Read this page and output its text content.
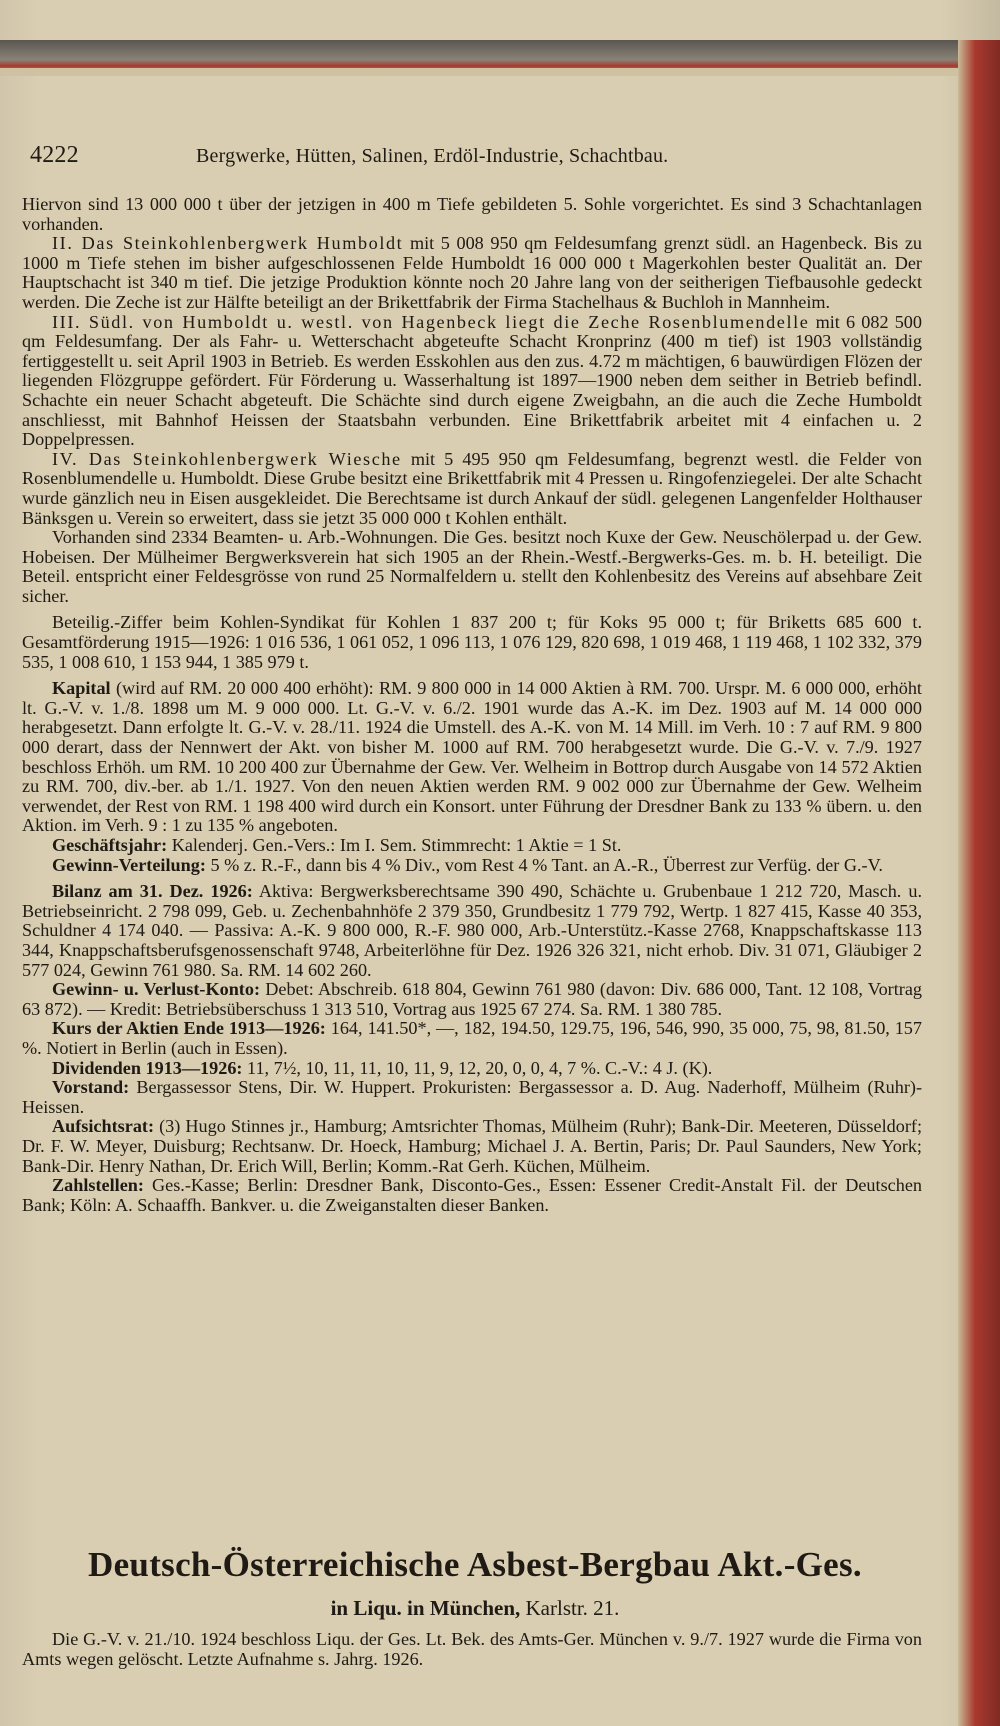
4222	Bergwerke, Hütten, Salinen, Erdöl-Industrie, Schachtbau.

Hiervon sind 13 000 000 t über der jetzigen in 400 m Tiefe gebildeten 5. Sohle vorgerichtet. Es sind 3 Schachtanlagen vorhanden.

II. Das Steinkohlenbergwerk Humboldt mit 5 008 950 qm Feldesumfang grenzt südl. an Hagenbeck. Bis zu 1000 m Tiefe stehen im bisher aufgeschlossenen Felde Humboldt 16 000 000 t Magerkohlen bester Qualität an. Der Hauptschacht ist 340 m tief. Die jetzige Produktion könnte noch 20 Jahre lang von der seitherigen Tiefbausohle gedeckt werden. Die Zeche ist zur Hälfte beteiligt an der Brikettfabrik der Firma Stachelhaus & Buchloh in Mannheim.

III. Südl. von Humboldt u. westl. von Hagenbeck liegt die Zeche Rosenblumendelle mit 6 082 500 qm Feldesumfang. Der als Fahr- u. Wetterschacht abgeteufte Schacht Kronprinz (400 m tief) ist 1903 vollständig fertiggestellt u. seit April 1903 in Betrieb. Es werden Esskohlen aus den zus. 4.72 m mächtigen, 6 bauwürdigen Flözen der liegenden Flözgruppe gefördert. Für Förderung u. Wasserhaltung ist 1897—1900 neben dem seither in Betrieb befindl. Schachte ein neuer Schacht abgeteuft. Die Schächte sind durch eigene Zweigbahn, an die auch die Zeche Humboldt anschliesst, mit Bahnhof Heissen der Staatsbahn verbunden. Eine Brikettfabrik arbeitet mit 4 einfachen u. 2 Doppelpressen.

IV. Das Steinkohlenbergwerk Wiesche mit 5 495 950 qm Feldesumfang, begrenzt westl. die Felder von Rosenblumendelle u. Humboldt. Diese Grube besitzt eine Brikettfabrik mit 4 Pressen u. Ringofenziegelei. Der alte Schacht wurde gänzlich neu in Eisen ausgekleidet. Die Berechtsame ist durch Ankauf der südl. gelegenen Langenfelder Holthauser Bänksgen u. Verein so erweitert, dass sie jetzt 35 000 000 t Kohlen enthält.

Vorhanden sind 2334 Beamten- u. Arb.-Wohnungen. Die Ges. besitzt noch Kuxe der Gew. Neuschölerpad u. der Gew. Hobeisen. Der Mülheimer Bergwerksverein hat sich 1905 an der Rhein.-Westf.-Bergwerks-Ges. m. b. H. beteiligt. Die Beteil. entspricht einer Feldesgrösse von rund 25 Normalfeldern u. stellt den Kohlenbesitz des Vereins auf absehbare Zeit sicher.

Beteilig.-Ziffer beim Kohlen-Syndikat für Kohlen 1 837 200 t; für Koks 95 000 t; für Briketts 685 600 t. Gesamtförderung 1915—1926: 1 016 536, 1 061 052, 1 096 113, 1 076 129, 820 698, 1 019 468, 1 119 468, 1 102 332, 379 535, 1 008 610, 1 153 944, 1 385 979 t.

Kapital (wird auf RM. 20 000 400 erhöht): RM. 9 800 000 in 14 000 Aktien à RM. 700. Urspr. M. 6 000 000, erhöht lt. G.-V. v. 1./8. 1898 um M. 9 000 000. Lt. G.-V. v. 6./2. 1901 wurde das A.-K. im Dez. 1903 auf M. 14 000 000 herabgesetzt. Dann erfolgte lt. G.-V. v. 28./11. 1924 die Umstell. des A.-K. von M. 14 Mill. im Verh. 10 : 7 auf RM. 9 800 000 derart, dass der Nennwert der Akt. von bisher M. 1000 auf RM. 700 herabgesetzt wurde. Die G.-V. v. 7./9. 1927 beschloss Erhöh. um RM. 10 200 400 zur Übernahme der Gew. Ver. Welheim in Bottrop durch Ausgabe von 14 572 Aktien zu RM. 700, div.-ber. ab 1./1. 1927. Von den neuen Aktien werden RM. 9 002 000 zur Übernahme der Gew. Welheim verwendet, der Rest von RM. 1 198 400 wird durch ein Konsort. unter Führung der Dresdner Bank zu 133 % übern. u. den Aktion. im Verh. 9 : 1 zu 135 % angeboten.

Geschäftsjahr: Kalenderj. Gen.-Vers.: Im I. Sem. Stimmrecht: 1 Aktie = 1 St.

Gewinn-Verteilung: 5 % z. R.-F., dann bis 4 % Div., vom Rest 4 % Tant. an A.-R., Überrest zur Verfüg. der G.-V.

Bilanz am 31. Dez. 1926: Aktiva: Bergwerksberechtsame 390 490, Schächte u. Grubenbaue 1 212 720, Masch. u. Betriebseinricht. 2 798 099, Geb. u. Zechenbahnhöfe 2 379 350, Grundbesitz 1 779 792, Wertp. 1 827 415, Kasse 40 353, Schuldner 4 174 040. — Passiva: A.-K. 9 800 000, R.-F. 980 000, Arb.-Unterstütz.-Kasse 2768, Knappschaftskasse 113 344, Knappschaftsberufsgenossenschaft 9748, Arbeiterlöhne für Dez. 1926 326 321, nicht erhob. Div. 31 071, Gläubiger 2 577 024, Gewinn 761 980. Sa. RM. 14 602 260.

Gewinn- u. Verlust-Konto: Debet: Abschreib. 618 804, Gewinn 761 980 (davon: Div. 686 000, Tant. 12 108, Vortrag 63 872). — Kredit: Betriebsüberschuss 1 313 510, Vortrag aus 1925 67 274. Sa. RM. 1 380 785.

Kurs der Aktien Ende 1913—1926: 164, 141.50*, —, 182, 194.50, 129.75, 196, 546, 990, 35 000, 75, 98, 81.50, 157 %. Notiert in Berlin (auch in Essen).

Dividenden 1913—1926: 11, 7½, 10, 11, 11, 10, 11, 9, 12, 20, 0, 0, 4, 7 %. C.-V.: 4 J. (K).

Vorstand: Bergassessor Stens, Dir. W. Huppert. Prokuristen: Bergassessor a. D. Aug. Naderhoff, Mülheim (Ruhr)-Heissen.

Aufsichtsrat: (3) Hugo Stinnes jr., Hamburg; Amtsrichter Thomas, Mülheim (Ruhr); Bank-Dir. Meeteren, Düsseldorf; Dr. F. W. Meyer, Duisburg; Rechtsanw. Dr. Hoeck, Hamburg; Michael J. A. Bertin, Paris; Dr. Paul Saunders, New York; Bank-Dir. Henry Nathan, Dr. Erich Will, Berlin; Komm.-Rat Gerh. Küchen, Mülheim.

Zahlstellen: Ges.-Kasse; Berlin: Dresdner Bank, Disconto-Ges., Essen: Essener Credit-Anstalt Fil. der Deutschen Bank; Köln: A. Schaaffh. Bankver. u. die Zweiganstalten dieser Banken.

Deutsch-Österreichische Asbest-Bergbau Akt.-Ges.
in Liqu. in München, Karlstr. 21.

Die G.-V. v. 21./10. 1924 beschloss Liqu. der Ges. Lt. Bek. des Amts-Ger. München v. 9./7. 1927 wurde die Firma von Amts wegen gelöscht. Letzte Aufnahme s. Jahrg. 1926.
